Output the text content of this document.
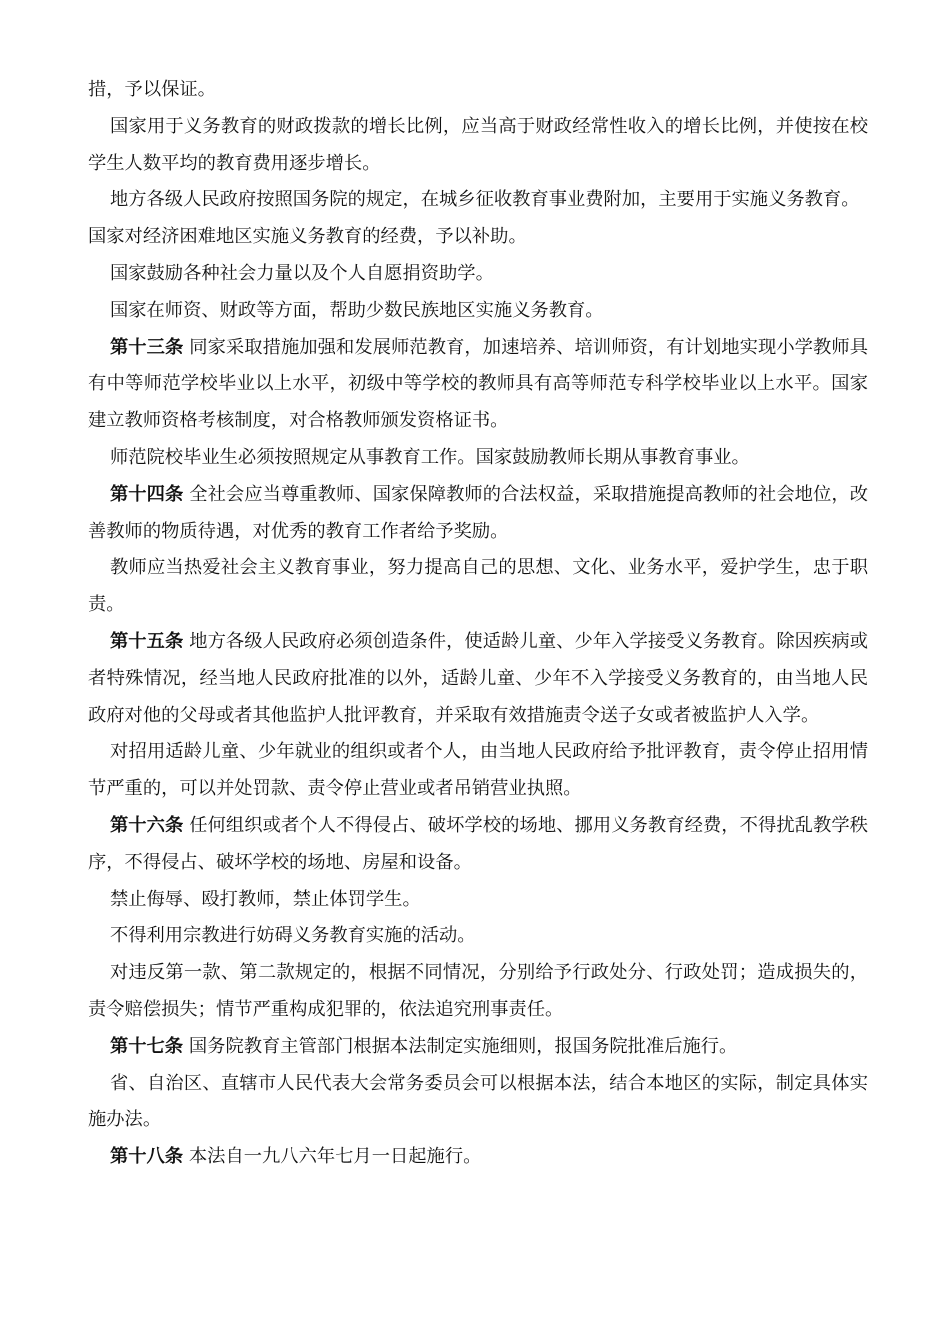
措，予以保证。

国家用于义务教育的财政拨款的增长比例，应当高于财政经常性收入的增长比例，并使按在校学生人数平均的教育费用逐步增长。

地方各级人民政府按照国务院的规定，在城乡征收教育事业费附加，主要用于实施义务教育。

国家对经济困难地区实施义务教育的经费，予以补助。

国家鼓励各种社会力量以及个人自愿捐资助学。

国家在师资、财政等方面，帮助少数民族地区实施义务教育。

第十三条 同家采取措施加强和发展师范教育，加速培养、培训师资，有计划地实现小学教师具有中等师范学校毕业以上水平，初级中等学校的教师具有高等师范专科学校毕业以上水平。国家建立教师资格考核制度，对合格教师颁发资格证书。

师范院校毕业生必须按照规定从事教育工作。国家鼓励教师长期从事教育事业。

第十四条 全社会应当尊重教师、国家保障教师的合法权益，采取措施提高教师的社会地位，改善教师的物质待遇，对优秀的教育工作者给予奖励。

教师应当热爱社会主义教育事业，努力提高自己的思想、文化、业务水平，爱护学生，忠于职责。

第十五条 地方各级人民政府必须创造条件，使适龄儿童、少年入学接受义务教育。除因疾病或者特殊情况，经当地人民政府批准的以外，适龄儿童、少年不入学接受义务教育的，由当地人民政府对他的父母或者其他监护人批评教育，并采取有效措施责令送子女或者被监护人入学。

对招用适龄儿童、少年就业的组织或者个人，由当地人民政府给予批评教育，责令停止招用情节严重的，可以并处罚款、责令停止营业或者吊销营业执照。

第十六条 任何组织或者个人不得侵占、破坏学校的场地、挪用义务教育经费，不得扰乱教学秩序，不得侵占、破坏学校的场地、房屋和设备。

禁止侮辱、殴打教师，禁止体罚学生。

不得利用宗教进行妨碍义务教育实施的活动。

对违反第一款、第二款规定的，根据不同情况，分别给予行政处分、行政处罚；造成损失的，责令赔偿损失；情节严重构成犯罪的，依法追究刑事责任。

第十七条 国务院教育主管部门根据本法制定实施细则，报国务院批准后施行。

省、自治区、直辖市人民代表大会常务委员会可以根据本法，结合本地区的实际，制定具体实施办法。

第十八条 本法自一九八六年七月一日起施行。
